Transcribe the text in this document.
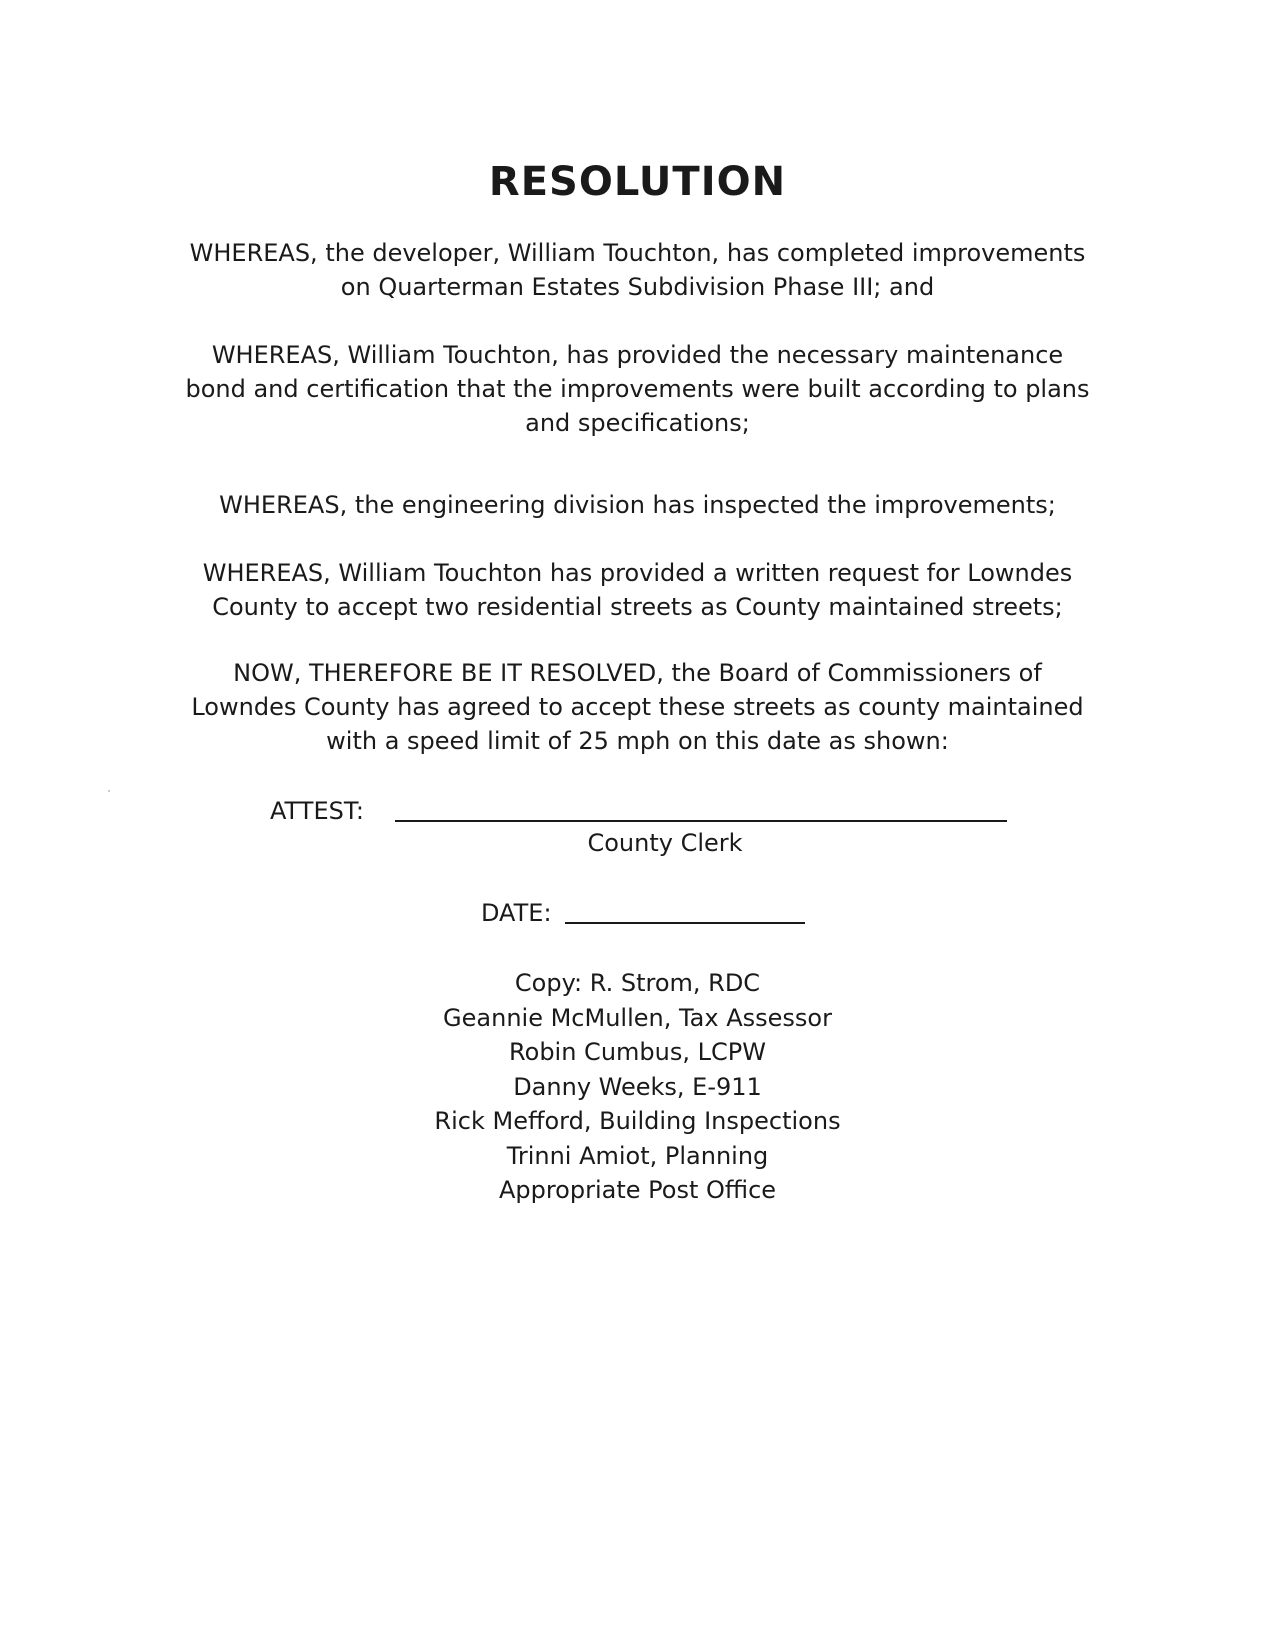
RESOLUTION

WHEREAS, the developer, William Touchton, has completed improvements
on Quarterman Estates Subdivision Phase III; and

WHEREAS, William Touchton, has provided the necessary maintenance
bond and certification that the improvements were built according to plans
and specifications;

WHEREAS, the engineering division has inspected the improvements;

WHEREAS, William Touchton has provided a written request for Lowndes
County to accept two residential streets as County maintained streets;

NOW, THEREFORE BE IT RESOLVED, the Board of Commissioners of
Lowndes County has agreed to accept these streets as county maintained
with a speed limit of 25 mph on this date as shown:

ATTEST:
County Clerk
DATE:
Copy: R. Strom, RDC
Geannie McMullen, Tax Assessor
Robin Cumbus, LCPW
Danny Weeks, E-911
Rick Mefford, Building Inspections
Trinni Amiot, Planning
Appropriate Post Office
